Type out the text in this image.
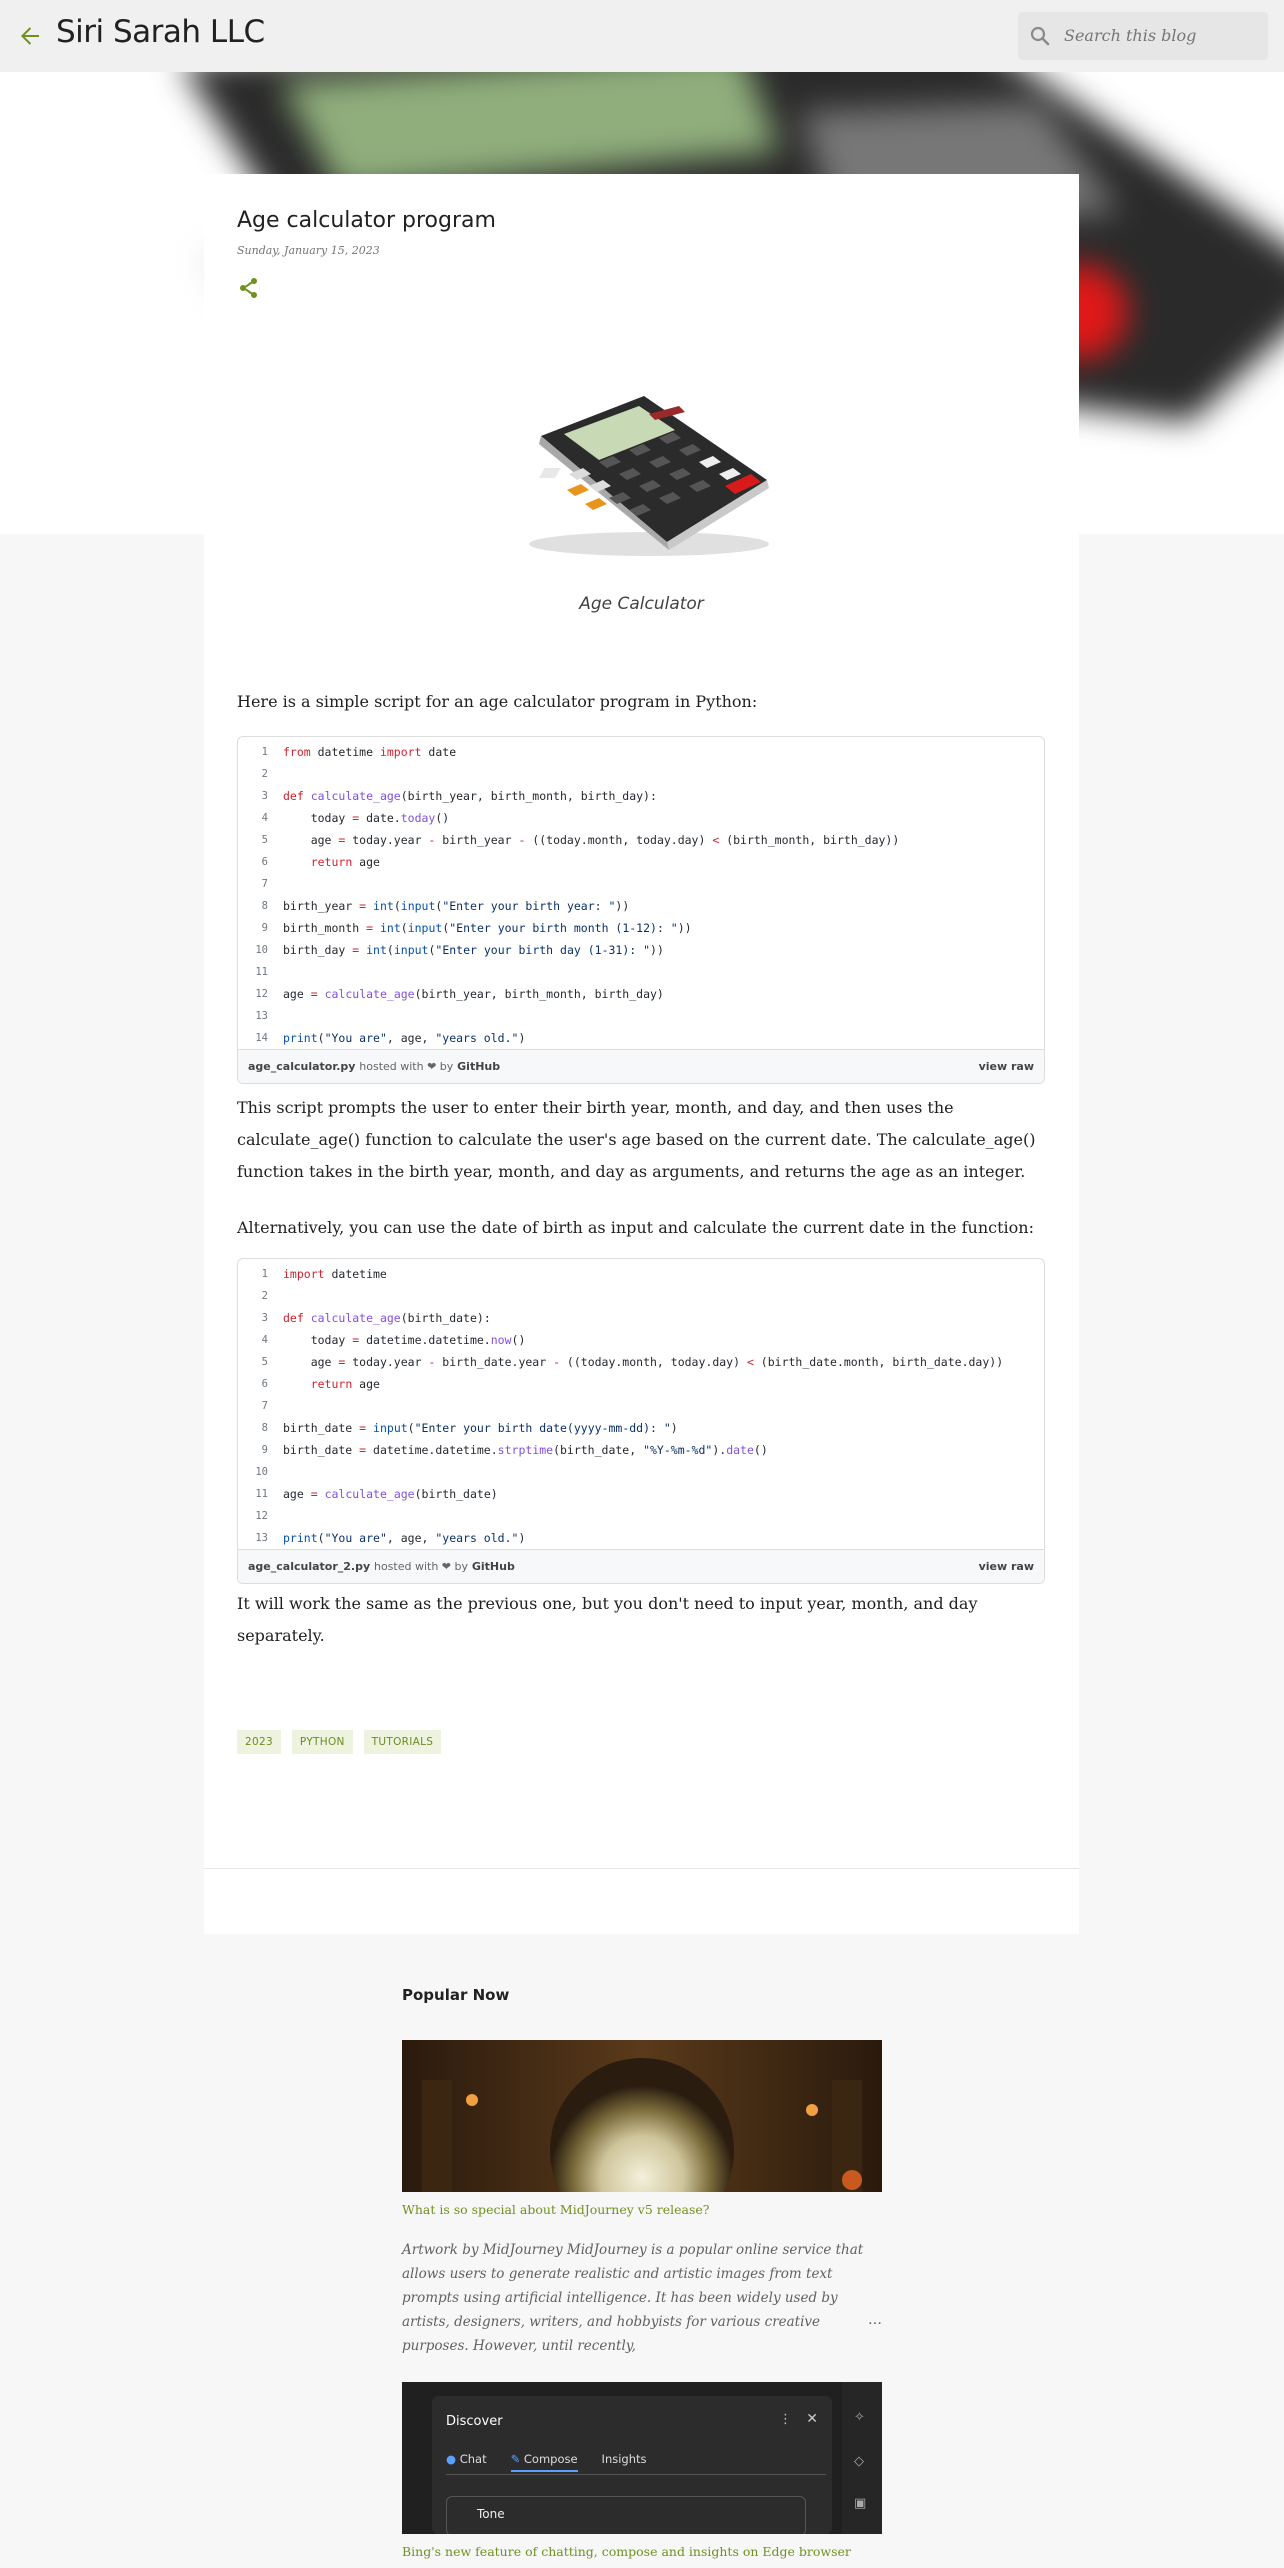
Siri Sarah LLC
Search this blog
Age calculator program
Sunday, January 15, 2023
Age Calculator
Here is a simple script for an age calculator program in Python:
1	from datetime import date
2
3	def calculate_age(birth_year, birth_month, birth_day):
4	today = date.today()
5	age = today.year - birth_year - ((today.month, today.day) < (birth_month, birth_day))
6	return age
7
8	birth_year = int(input("Enter your birth year: "))
9	birth_month = int(input("Enter your birth month (1-12): "))
10	birth_day = int(input("Enter your birth day (1-31): "))
11
12	age = calculate_age(birth_year, birth_month, birth_day)
13
14	print("You are", age, "years old.")
age_calculator.py hosted with ❤ by GitHub	view raw
This script prompts the user to enter their birth year, month, and day, and then uses the calculate_age() function to calculate the user's age based on the current date. The calculate_age() function takes in the birth year, month, and day as arguments, and returns the age as an integer.
Alternatively, you can use the date of birth as input and calculate the current date in the function:
1	import datetime
2
3	def calculate_age(birth_date):
4	today = datetime.datetime.now()
5	age = today.year - birth_date.year - ((today.month, today.day) < (birth_date.month, birth_date.day))
6	return age
7
8	birth_date = input("Enter your birth date(yyyy-mm-dd): ")
9	birth_date = datetime.datetime.strptime(birth_date, "%Y-%m-%d").date()
10
11	age = calculate_age(birth_date)
12
13	print("You are", age, "years old.")
age_calculator_2.py hosted with ❤ by GitHub	view raw
It will work the same as the previous one, but you don't need to input year, month, and day separately.
2023	PYTHON	TUTORIALS
Popular Now
What is so special about MidJourney v5 release?
Artwork by MidJourney MidJourney is a popular online service that allows users to generate realistic and artistic images from text prompts using artificial intelligence. It has been widely used by artists, designers, writers, and hobbyists for various creative purposes. However, until recently,
…
Discover	⋮ ✕
● Chat ✎ Compose Insights
Tone
✧
◇
▣
Bing's new feature of chatting, compose and insights on Edge browser
